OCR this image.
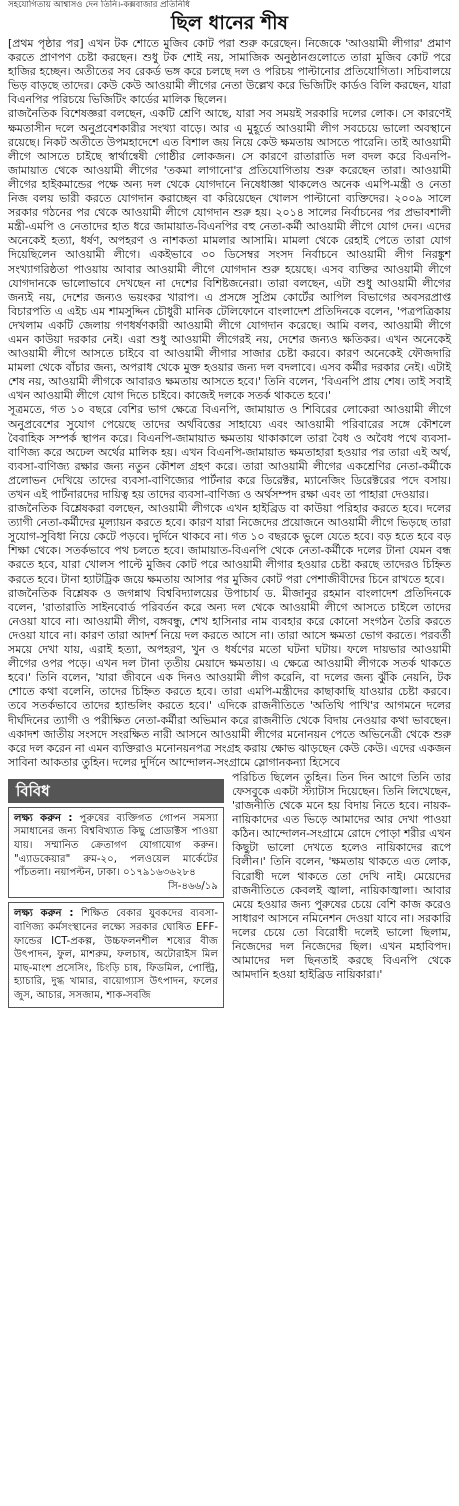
সহযোগিতায় আশ্বাসও দেন তিনি।-কক্সবাজার প্রতিনিধি
ছিল ধানের শীষ

[প্রথম পৃষ্ঠার পর] এখন টক শোতে মুজিব কোট পরা শুরু করেছেন। নিজেকে 'আওয়ামী লীগার' প্রমাণ করতে প্রাণপণ চেষ্টা করছেন। শুধু টক শোই নয়, সামাজিক অনুষ্ঠানগুলোতে তারা মুজিব কোট পরে হাজির হচ্ছেন। অতীতের সব রেকর্ড ভঙ্গ করে চলছে দল ও পরিচয় পাল্টানোর প্রতিযোগিতা। সচিবালয়ে ভিড় বাড়ছে তাদের। কেউ কেউ আওয়ামী লীগের নেতা উল্লেখ করে ভিজিটিং কার্ডও বিলি করছেন, যারা বিএনপির পরিচয়ে ভিজিটিং কার্ডের মালিক ছিলেন।

রাজনৈতিক বিশেষজ্ঞরা বলছেন, একটি শ্রেণি আছে, যারা সব সময়ই সরকারি দলের লোক। সে কারণেই ক্ষমতাসীন দলে অনুপ্রবেশকারীর সংখ্যা বাড়ে। আর এ মুহূর্তে আওয়ামী লীগ সবচেয়ে ভালো অবস্থানে রয়েছে। নিকট অতীতে উপমহাদেশে এত বিশাল জয় নিয়ে কেউ ক্ষমতায় আসতে পারেনি। তাই আওয়ামী লীগে আসতে চাইছে স্বার্থান্বেষী গোষ্ঠীর লোকজন। সে কারণে রাতারাতি দল বদল করে বিএনপি-জামায়াত থেকে আওয়ামী লীগের 'তকমা লাগানো'র প্রতিযোগিতায় শুরু করেছেন তারা। আওয়ামী লীগের হাইকমান্ডের পক্ষে অন্য দল থেকে যোগদানে নিষেধাজ্ঞা থাকলেও অনেক এমপি-মন্ত্রী ও নেতা নিজ বলয় ভারী করতে যোগদান করাচ্ছেন বা করিয়েছেন খোলস পাল্টানো ব্যক্তিদের। ২০০৯ সালে সরকার গঠনের পর থেকে আওয়ামী লীগে যোগদান শুরু হয়। ২০১৪ সালের নির্বাচনের পর প্রভাবশালী মন্ত্রী-এমপি ও নেতাদের হাত ধরে জামায়াত-বিএনপির বহু নেতা-কর্মী আওয়ামী লীগে যোগ দেন। এদের অনেকেই হত্যা, ধর্ষণ, অপহরণ ও নাশকতা মামলার আসামি। মামলা থেকে রেহাই পেতে তারা যোগ দিয়েছিলেন আওয়ামী লীগে। একইভাবে ৩০ ডিসেম্বর সংসদ নির্বাচনে আওয়ামী লীগ নিরঙ্কুশ সংখ্যাগরিষ্ঠতা পাওয়ায় আবার আওয়ামী লীগে যোগদান শুরু হয়েছে। এসব ব্যক্তির আওয়ামী লীগে যোগদানকে ভালোভাবে দেখছেন না দেশের বিশিষ্টজনেরা। তারা বলছেন, এটা শুধু আওয়ামী লীগের জন্যই নয়, দেশের জন্যও ভয়ংকর খারাপ। এ প্রসঙ্গে সুপ্রিম কোর্টের আপিল বিভাগের অবসরপ্রাপ্ত বিচারপতি এ এইচ এম শামসুদ্দিন চৌধুরী মানিক টেলিফোনে বাংলাদেশ প্রতিদিনকে বলেন, 'পত্রপত্রিকায় দেখলাম একটি জেলায় গণধর্ষণকারী আওয়ামী লীগে যোগদান করেছে। আমি বলব, আওয়ামী লীগে এমন কাউয়া দরকার নেই। এরা শুধু আওয়ামী লীগেরই নয়, দেশের জন্যও ক্ষতিকর। এখন অনেকেই আওয়ামী লীগে আসতে চাইবে বা আওয়ামী লীগার সাজার চেষ্টা করবে। কারণ অনেকেই ফৌজদারি মামলা থেকে বাঁচার জন্য, অপরাধ থেকে মুক্ত হওয়ার জন্য দল বদলাবে। এসব কর্মীর দরকার নেই। এটাই শেষ নয়, আওয়ামী লীগকে আবারও ক্ষমতায় আসতে হবে।' তিনি বলেন, 'বিএনপি প্রায় শেষ। তাই সবাই এখন আওয়ামী লীগে যোগ দিতে চাইবে। কাজেই দলকে সতর্ক থাকতে হবে।'

সূত্রমতে, গত ১০ বছরে বেশির ভাগ ক্ষেত্রে বিএনপি, জামায়াত ও শিবিরের লোকেরা আওয়ামী লীগে অনুপ্রবেশের সুযোগ পেয়েছে তাদের অর্থবিত্তের সাহায্যে এবং আওয়ামী পরিবারের সঙ্গে কৌশলে বৈবাহিক সম্পর্ক স্থাপন করে। বিএনপি-জামায়াত ক্ষমতায় থাকাকালে তারা বৈধ ও অবৈধ পথে ব্যবসা-বাণিজ্য করে অঢেল অর্থের মালিক হয়। এখন বিএনপি-জামায়াত ক্ষমতাহারা হওয়ার পর তারা এই অর্থ, ব্যবসা-বাণিজ্য রক্ষার জন্য নতুন কৌশল গ্রহণ করে। তারা আওয়ামী লীগের একশ্রেণির নেতা-কর্মীকে প্রলোভন দেখিয়ে তাদের ব্যবসা-বাণিজ্যের পার্টনার করে ডিরেক্টর, ম্যানেজিং ডিরেক্টরের পদে বসায়। তখন এই পার্টনারদের দায়িত্ব হয় তাদের ব্যবসা-বাণিজ্য ও অর্থসম্পদ রক্ষা এবং তা পাহারা দেওয়ার।

রাজনৈতিক বিশ্লেষকরা বলছেন, আওয়ামী লীগকে এখন হাইব্রিড বা কাউয়া পরিহার করতে হবে। দলের ত্যাগী নেতা-কর্মীদের মূল্যায়ন করতে হবে। কারণ যারা নিজেদের প্রয়োজনে আওয়ামী লীগে ভিড়ছে তারা সুযোগ-সুবিধা নিয়ে কেটে পড়বে। দুর্দিনে থাকবে না। গত ১০ বছরকে ভুলে যেতে হবে। বড় হতে হবে বড় শিক্ষা থেকে। সতর্কভাবে পথ চলতে হবে। জামায়াত-বিএনপি থেকে নেতা-কর্মীকে দলের টানা যেমন বন্ধ করতে হবে, যারা খোলস পাল্টে মুজিব কোট পরে আওয়ামী লীগার হওয়ার চেষ্টা করছে তাদেরও চিহ্নিত করতে হবে। টানা হ্যাটট্রিক জয়ে ক্ষমতায় আসার পর মুজিব কোট পরা পেশাজীবীদের চিনে রাখতে হবে।

রাজনৈতিক বিশ্লেষক ও জগন্নাথ বিশ্ববিদ্যালয়ের উপাচার্য ড. মীজানুর রহমান বাংলাদেশ প্রতিদিনকে বলেন, 'রাতারাতি সাইনবোর্ড পরিবর্তন করে অন্য দল থেকে আওয়ামী লীগে আসতে চাইলে তাদের নেওয়া যাবে না। আওয়ামী লীগ, বঙ্গবন্ধু, শেখ হাসিনার নাম ব্যবহার করে কোনো সংগঠন তৈরি করতে দেওয়া যাবে না। কারণ তারা আদর্শ নিয়ে দল করতে আসে না। তারা আসে ক্ষমতা ভোগ করতে। পরবর্তী সময়ে দেখা যায়, এরাই হত্যা, অপহরণ, খুন ও ধর্ষণের মতো ঘটনা ঘটায়। ফলে দায়ভার আওয়ামী লীগের ওপর পড়ে। এখন দল টানা তৃতীয় মেয়াদে ক্ষমতায়। এ ক্ষেত্রে আওয়ামী লীগকে সতর্ক থাকতে হবে।' তিনি বলেন, 'যারা জীবনে এক দিনও আওয়ামী লীগ করেনি, বা দলের জন্য ঝুঁকি নেয়নি, টক শোতে কথা বলেনি, তাদের চিহ্নিত করতে হবে। তারা এমপি-মন্ত্রীদের কাছাকাছি যাওয়ার চেষ্টা করবে। তবে সতর্কভাবে তাদের হ্যান্ডলিং করতে হবে।' এদিকে রাজনীতিতে 'অতিথি পাখি'র আগমনে দলের দীর্ঘদিনের ত্যাগী ও পরীক্ষিত নেতা-কর্মীরা অভিমান করে রাজনীতি থেকে বিদায় নেওয়ার কথা ভাবছেন। একাদশ জাতীয় সংসদে সংরক্ষিত নারী আসনে আওয়ামী লীগের মনোনয়ন পেতে অভিনেত্রী থেকে শুরু করে দল করেন না এমন ব্যক্তিরাও মনোনয়নপত্র সংগ্রহ করায় ক্ষোভ ঝাড়ছেন কেউ কেউ। এদের একজন সাবিনা আকতার তুহিন। দলের দুর্দিনে আন্দোলন-সংগ্রামে স্লোগানকন্যা হিসেবে

বিবিধ
লক্ষ্য করুন : পুরুষের ব্যক্তিগত গোপন সমস্যা সমাধানের জন্য বিশ্ববিখ্যাত কিছু প্রোডাক্টস পাওয়া যায়। সম্মানিত ক্রেতাগণ যোগাযোগ করুন। "এ্যাডকেয়ার" রুম-২০, পলওয়েল মার্কেটের পাঁচতলা। নয়াপল্টন, ঢাকা। ০১৭৯১৬৩৬২৮৪
সি-৪৬৬/১৯
লক্ষ্য করুন : শিক্ষিত বেকার যুবকদের ব্যবসা-বাণিজ্য কর্মসংস্থানের লক্ষ্যে সরকার ঘোষিত EFF-ফান্ডের ICT-প্রকল্প, উচ্চফলনশীল শষ্যের বীজ উৎপাদন, ফুল, মাশরুম, ফলচাষ, অটোরাইস মিল মাছ-মাংশ প্রসেসিং, চিংড়ি চাষ, ফিডমিল, পোল্ট্রি, হ্যাচারি, দুগ্ধ খামার, বায়োগ্যাস উৎপাদন, ফলের জুস, আচার, সসজাম, শাক-সবজি
পরিচিত ছিলেন তুহিন। তিন দিন আগে তিনি তার ফেসবুকে একটা স্ট্যাটাস দিয়েছেন। তিনি লিখেছেন, 'রাজনীতি থেকে মনে হয় বিদায় নিতে হবে। নায়ক-নায়িকাদের এত ভিড়ে আমাদের আর দেখা পাওয়া কঠিন। আন্দোলন-সংগ্রামে রোদে পোড়া শরীর এখন কিছুটা ভালো দেখতে হলেও নায়িকাদের রূপে বিলীন।' তিনি বলেন, 'ক্ষমতায় থাকতে এত লোক, বিরোধী দলে থাকতে তো দেখি নাই। মেয়েদের রাজনীতিতে কেবলই জ্বালা, নায়িকাজ্বালা। আবার মেয়ে হওয়ার জন্য পুরুষের চেয়ে বেশি কাজ করেও সাধারণ আসনে নমিনেশন দেওয়া যাবে না। সরকারি দলের চেয়ে তো বিরোধী দলেই ভালো ছিলাম, নিজেদের দল নিজেদের ছিল। এখন মহাবিপদ। আমাদের দল ছিনতাই করছে বিএনপি থেকে আমদানি হওয়া হাইব্রিড নায়িকারা।'
